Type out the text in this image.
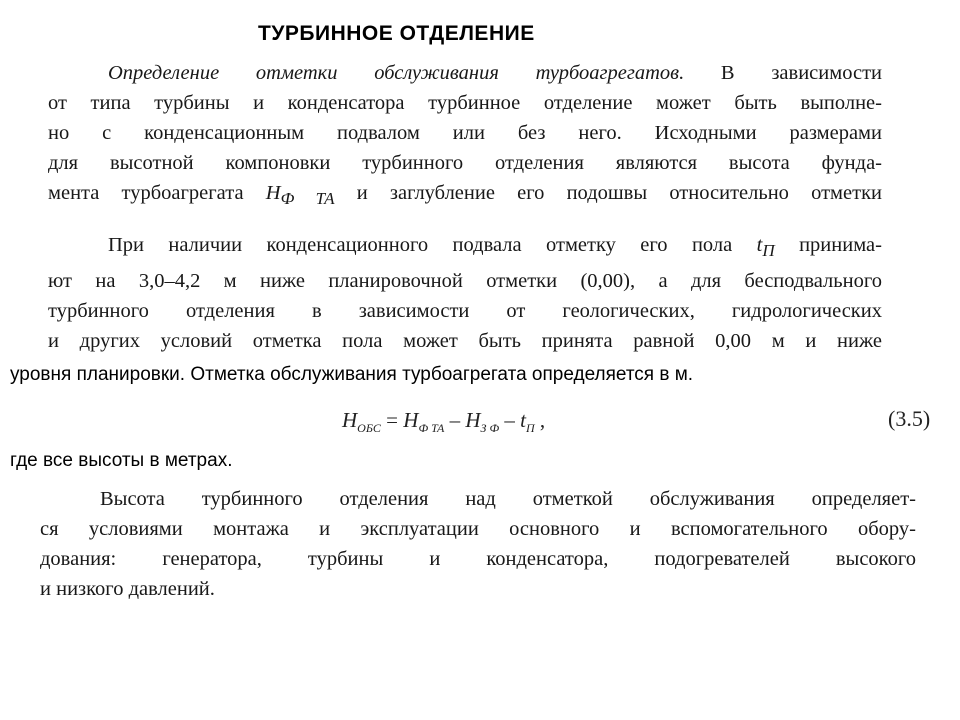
ТУРБИННОЕ ОТДЕЛЕНИЕ
Определение отметки обслуживания турбоагрегатов. В зависимости
от типа турбины и конденсатора турбинное отделение может быть выполне-
но с конденсационным подвалом или без него. Исходными размерами
для высотной компоновки турбинного отделения являются высота фунда-
мента турбоагрегата $H_{Ф ТА}$ и заглубление его подошвы относительно отметки
При наличии конденсационного подвала отметку его пола $t_П$ принима-
ют на 3,0–4,2 м ниже планировочной отметки (0,00), а для бесподвального
турбинного отделения в зависимости от геологических, гидрологических
и других условий отметка пола может быть принята равной 0,00 м и ниже
уровня планировки. Отметка обслуживания турбоагрегата определяется в м.
$H_{ОБС} = H_{Ф ТА} - H_{З Ф} - t_П$ ,	(3.5)
где все высоты в метрах.
Высота турбинного отделения над отметкой обслуживания определяет-
ся условиями монтажа и эксплуатации основного и вспомогательного обору-
дования: генератора, турбины и конденсатора, подогревателей высокого
и низкого давлений.
